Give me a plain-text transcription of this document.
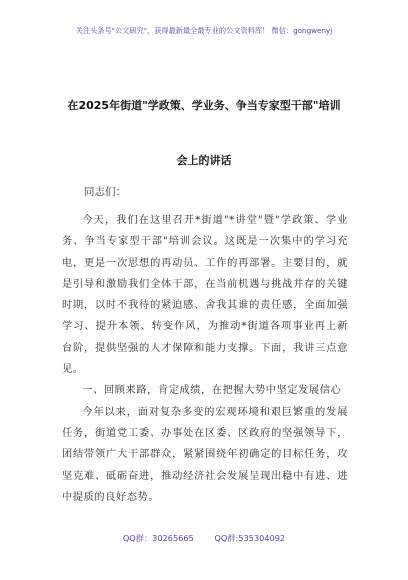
关注头条号"公文研究"，获得最新最全最专业的公文资料库！ 微信：gongwenyj
在2025年街道"学政策、学业务、争当专家型干部"培训
会上的讲话
同志们：

今天，我们在这里召开*街道"*讲堂"暨"学政策、学业务、争当专家型干部"培训会议。这既是一次集中的学习充电，更是一次思想的再动员、工作的再部署。主要目的，就是引导和激励我们全体干部，在当前机遇与挑战并存的关键时期，以时不我待的紧迫感、舍我其谁的责任感，全面加强学习、提升本领、转变作风，为推动*街道各项事业再上新台阶，提供坚强的人才保障和能力支撑。下面，我讲三点意见。

一、回顾来路，肯定成绩，在把握大势中坚定发展信心

今年以来，面对复杂多变的宏观环境和艰巨繁重的发展任务，街道党工委、办事处在区委、区政府的坚强领导下，团结带领广大干部群众，紧紧围绕年初确定的目标任务，攻坚克难、砥砺奋进，推动经济社会发展呈现出稳中有进、进中提质的良好态势。

QQ群：30265665	QQ群:535304092
